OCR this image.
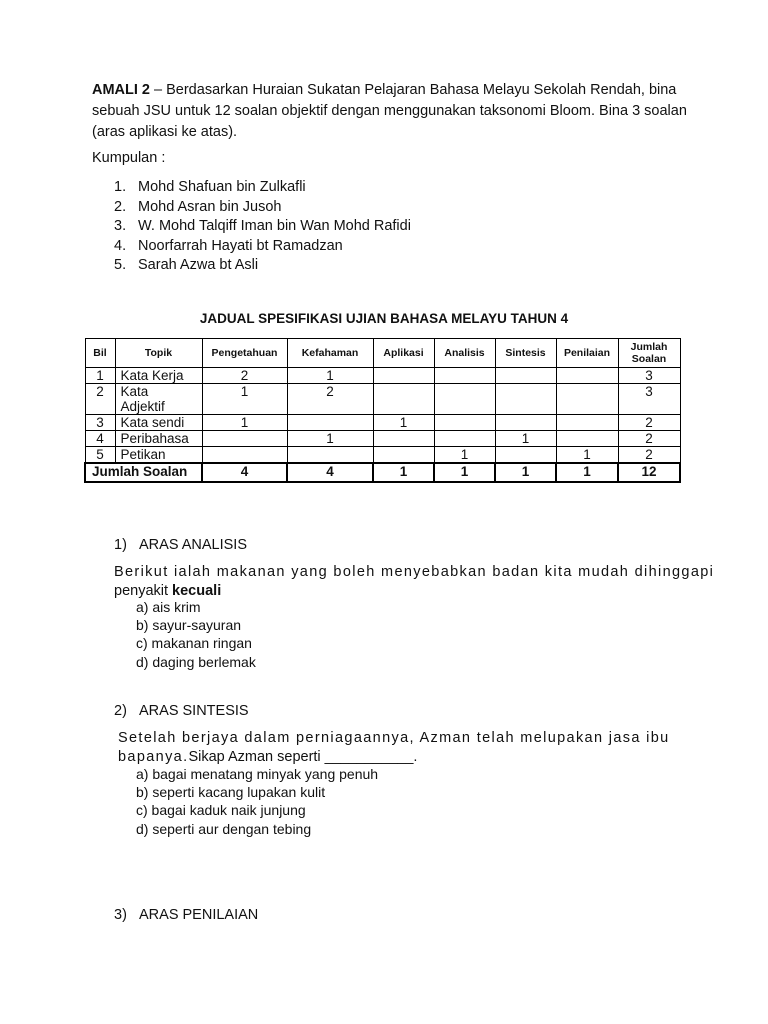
AMALI 2 – Berdasarkan Huraian Sukatan Pelajaran Bahasa Melayu Sekolah Rendah, bina sebuah JSU untuk 12 soalan objektif dengan menggunakan taksonomi Bloom. Bina 3 soalan (aras aplikasi ke atas).
Kumpulan :
1. Mohd Shafuan bin Zulkafli
2. Mohd Asran bin Jusoh
3. W. Mohd Talqiff Iman bin Wan Mohd Rafidi
4. Noorfarrah Hayati bt Ramadzan
5. Sarah Azwa bt Asli
JADUAL SPESIFIKASI UJIAN BAHASA MELAYU TAHUN 4
Bil	Topik	Pengetahuan	Kefahaman	Aplikasi	Analisis	Sintesis	Penilaian	Jumlah
Soalan
1	Kata Kerja	2	1					3
2	Kata
Adjektif	1	2					3
3	Kata sendi	1		1				2
4	Peribahasa		1			1		2
5	Petikan				1		1	2
Jumlah Soalan		4	4	1	1	1	1	12
1) ARAS ANALISIS
Berikut ialah makanan yang boleh menyebabkan badan kita mudah dihinggapi
penyakit kecuali
a) ais krim
b) sayur-sayuran
c) makanan ringan
d) daging berlemak
2) ARAS SINTESIS
Setelah berjaya dalam perniagaannya, Azman telah melupakan jasa ibu
bapanya.Sikap Azman seperti ___________.
a) bagai menatang minyak yang penuh
b) seperti kacang lupakan kulit
c) bagai kaduk naik junjung
d) seperti aur dengan tebing
3) ARAS PENILAIAN
